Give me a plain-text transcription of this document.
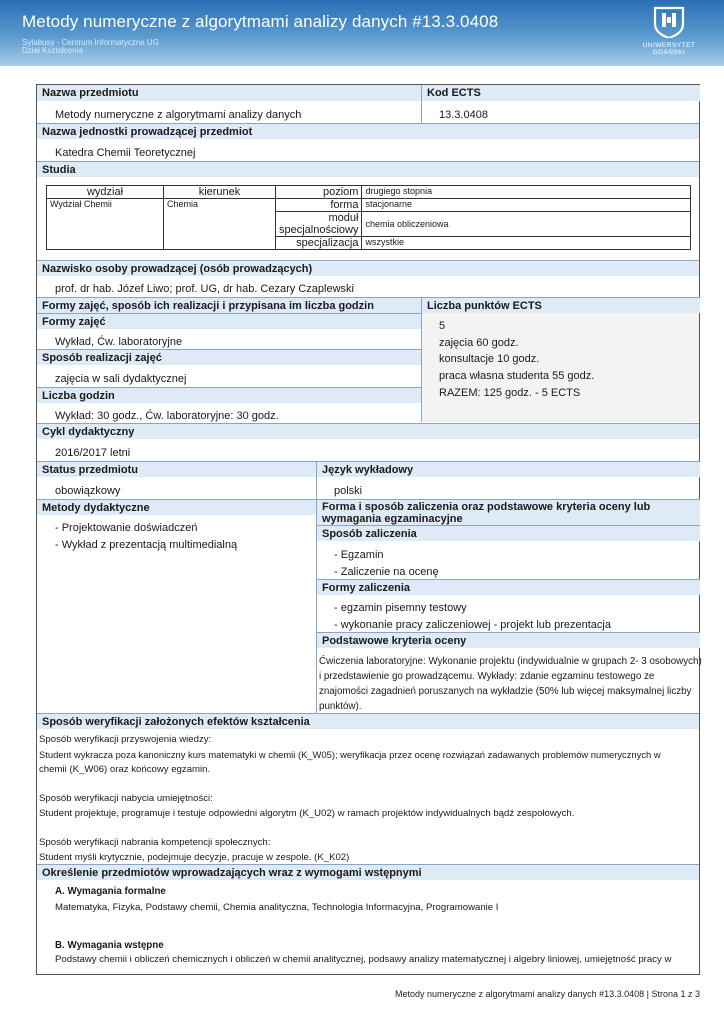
Metody numeryczne z algorytmami analizy danych #13.3.0408
Sylabusy - Centrum Informatyczne UG
Dział Kształcenia
UNIWERSYTET GDAŃSKI
Nazwa przedmiotu	Kod ECTS
Metody numeryczne z algorytmami analizy danych	13.3.0408
Nazwa jednostki prowadzącej przedmiot
Katedra Chemii Teoretycznej
Studia
wydział	kierunek	poziom	drugiego stopnia
Wydział Chemii	Chemia	forma	stacjonarne
		moduł specjalnościowy	chemia obliczeniowa
		specjalizacja	wszystkie
Nazwisko osoby prowadzącej (osób prowadzących)
prof. dr hab. Józef Liwo; prof. UG, dr hab. Cezary Czaplewski
Formy zajęć, sposób ich realizacji i przypisana im liczba godzin	Liczba punktów ECTS
Formy zajęć
Wykład, Ćw. laboratoryjne
Sposób realizacji zajęć
zajęcia w sali dydaktycznej
Liczba godzin
Wykład: 30 godz., Ćw. laboratoryjne: 30 godz.
5
zajęcia 60 godz.
konsultacje 10 godz.
praca własna studenta 55 godz.
RAZEM: 125 godz. - 5 ECTS
Cykl dydaktyczny
2016/2017 letni
Status przedmiotu	Język wykładowy
obowiązkowy	polski
Metody dydaktyczne
- Projektowanie doświadczeń
- Wykład z prezentacją multimedialną
Forma i sposób zaliczenia oraz podstawowe kryteria oceny lub
wymagania egzaminacyjne
Sposób zaliczenia
- Egzamin
- Zaliczenie na ocenę
Formy zaliczenia
- egzamin pisemny testowy
- wykonanie pracy zaliczeniowej - projekt lub prezentacja
Podstawowe kryteria oceny
Ćwiczenia laboratoryjne: Wykonanie projektu (indywidualnie w grupach 2- 3 osobowych)
i przedstawienie go prowadzącemu. Wykłady: zdanie egzaminu testowego ze
znajomości zagadnień poruszanych na wykładzie (50% lub więcej maksymalnej liczby
punktów).
Sposób weryfikacji założonych efektów kształcenia
Sposób weryfikacji przyswojenia wiedzy:
Student wykracza poza kanoniczny kurs matematyki w chemii (K_W05); weryfikacja przez ocenę rozwiązań zadawanych problemów numerycznych w
chemii (K_W06) oraz końcowy egzamin.
Sposób weryfikacji nabycia umiejętności:
Student projektuje, programuje i testuje odpowiedni algorytm (K_U02) w ramach projektów indywidualnych bądź zespołowych.
Sposób weryfikacji nabrania kompetencji społecznych:
Student myśli krytycznie, podejmuje decyzje, pracuje w zespole. (K_K02)
Określenie przedmiotów wprowadzających wraz z wymogami wstępnymi
A. Wymagania formalne
Matematyka, Fizyka, Podstawy chemii, Chemia analityczna, Technologia Informacyjna, Programowanie I
B. Wymagania wstępne
Podstawy chemii i obliczeń chemicznych i obliczeń w chemii analitycznej, podsawy analizy matematycznej i algebry liniowej, umiejętność pracy w
Metody numeryczne z algorytmami analizy danych #13.3.0408 | Strona 1 z 3
